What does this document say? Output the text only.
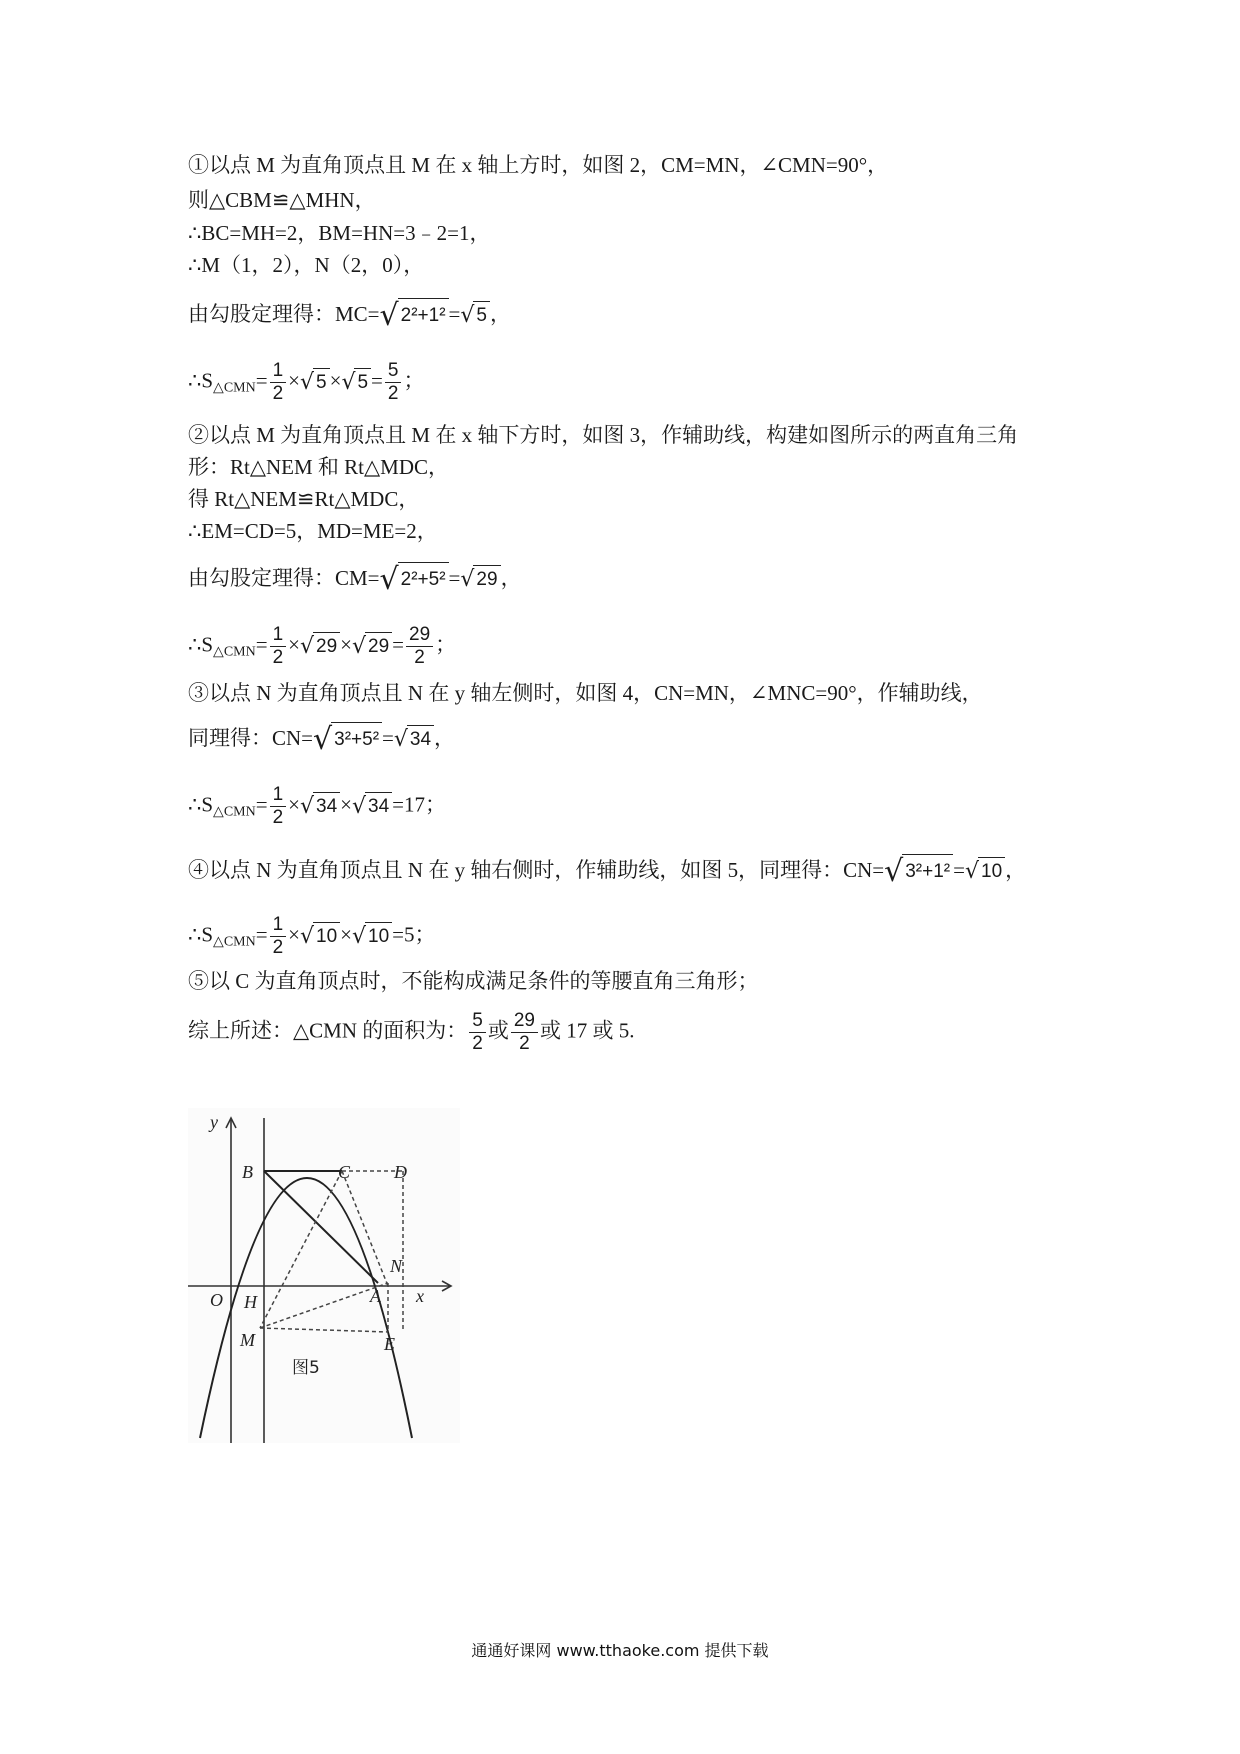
①以点 M 为直角顶点且 M 在 x 轴上方时，如图 2，CM=MN，∠CMN=90°，
则△CBM≌△MHN，
∴BC=MH=2，BM=HN=3﹣2=1，
∴M（1，2），N（2，0），
由勾股定理得：MC= √ 2²+1² = √ 5 ，
$\therefore S_{\triangle CMN}= \frac{1}{2}$ × √ 5 × √ $5 = \frac{5}{2}$ ；
②以点 M 为直角顶点且 M 在 x 轴下方时，如图 3，作辅助线，构建如图所示的两直角三角
形：Rt△NEM 和 Rt△MDC，
得 Rt△NEM≌Rt△MDC，
∴EM=CD=5，MD=ME=2，
由勾股定理得：CM= √ 2²+5² = √ 29 ，
$\therefore S_{\triangle CMN}= \frac{1}{2}$ × √ 29 × √ $29 = \frac{29}{2}$ ；
③以点 N 为直角顶点且 N 在 y 轴左侧时，如图 4，CN=MN，∠MNC=90°，作辅助线，
同理得：CN= √ 3²+5² = √ 34 ，
$\therefore S_{\triangle CMN}= \frac{1}{2}$ × √ 34 × √ 34 =17；
④以点 N 为直角顶点且 N 在 y 轴右侧时，作辅助线，如图 5，同理得：CN= √ 3²+1² = √ 10 ，
$\therefore S_{\triangle CMN}= \frac{1}{2}$ × √ 10 × √ 10 =5；
⑤以 C 为直角顶点时，不能构成满足条件的等腰直角三角形；
综上所述：△CMN 的面积为： $\frac{5}{2}$ 或 $\frac{29}{2}$ 或 17 或 5.
y
x
O H
B	C D
N
A
M	E
图5
通通好课网 www.tthaoke.com 提供下载
